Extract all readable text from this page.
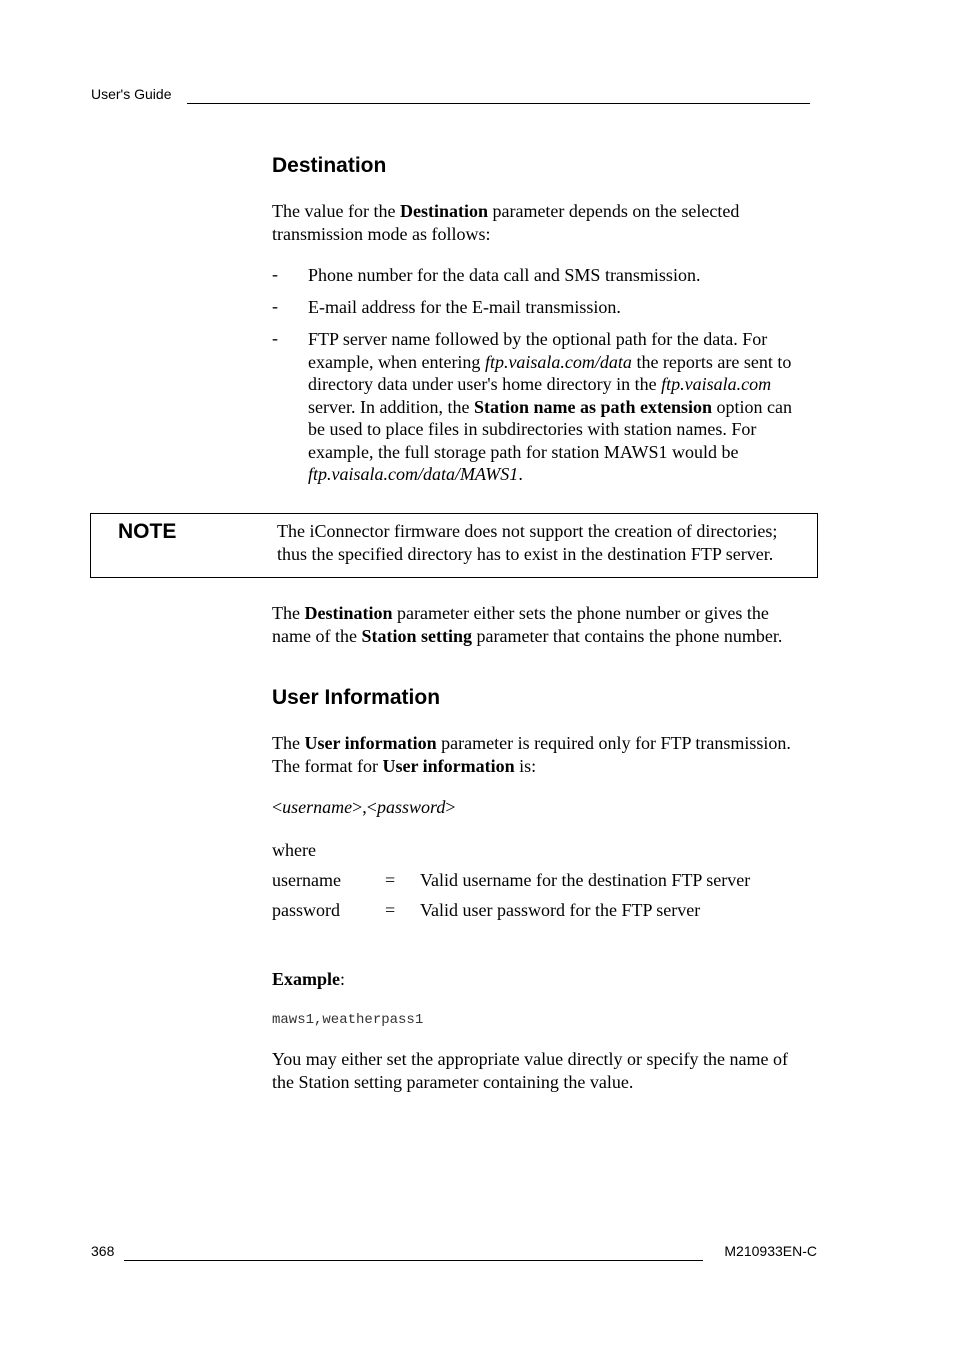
User's Guide
Destination
The value for the Destination parameter depends on the selected
transmission mode as follows:
- Phone number for the data call and SMS transmission.
- E-mail address for the E-mail transmission.
- FTP server name followed by the optional path for the data. For
example, when entering ftp.vaisala.com/data the reports are sent to
directory data under user's home directory in the ftp.vaisala.com
server. In addition, the Station name as path extension option can
be used to place files in subdirectories with station names. For
example, the full storage path for station MAWS1 would be
ftp.vaisala.com/data/MAWS1.
NOTE	The iConnector firmware does not support the creation of directories;
thus the specified directory has to exist in the destination FTP server.
The Destination parameter either sets the phone number or gives the
name of the Station setting parameter that contains the phone number.
User Information
The User information parameter is required only for FTP transmission.
The format for User information is:
<username>,<password>
where
username = Valid username for the destination FTP server
password	= Valid user password for the FTP server
Example:
maws1,weatherpass1
You may either set the appropriate value directly or specify the name of
the Station setting parameter containing the value.
368	M210933EN-C
